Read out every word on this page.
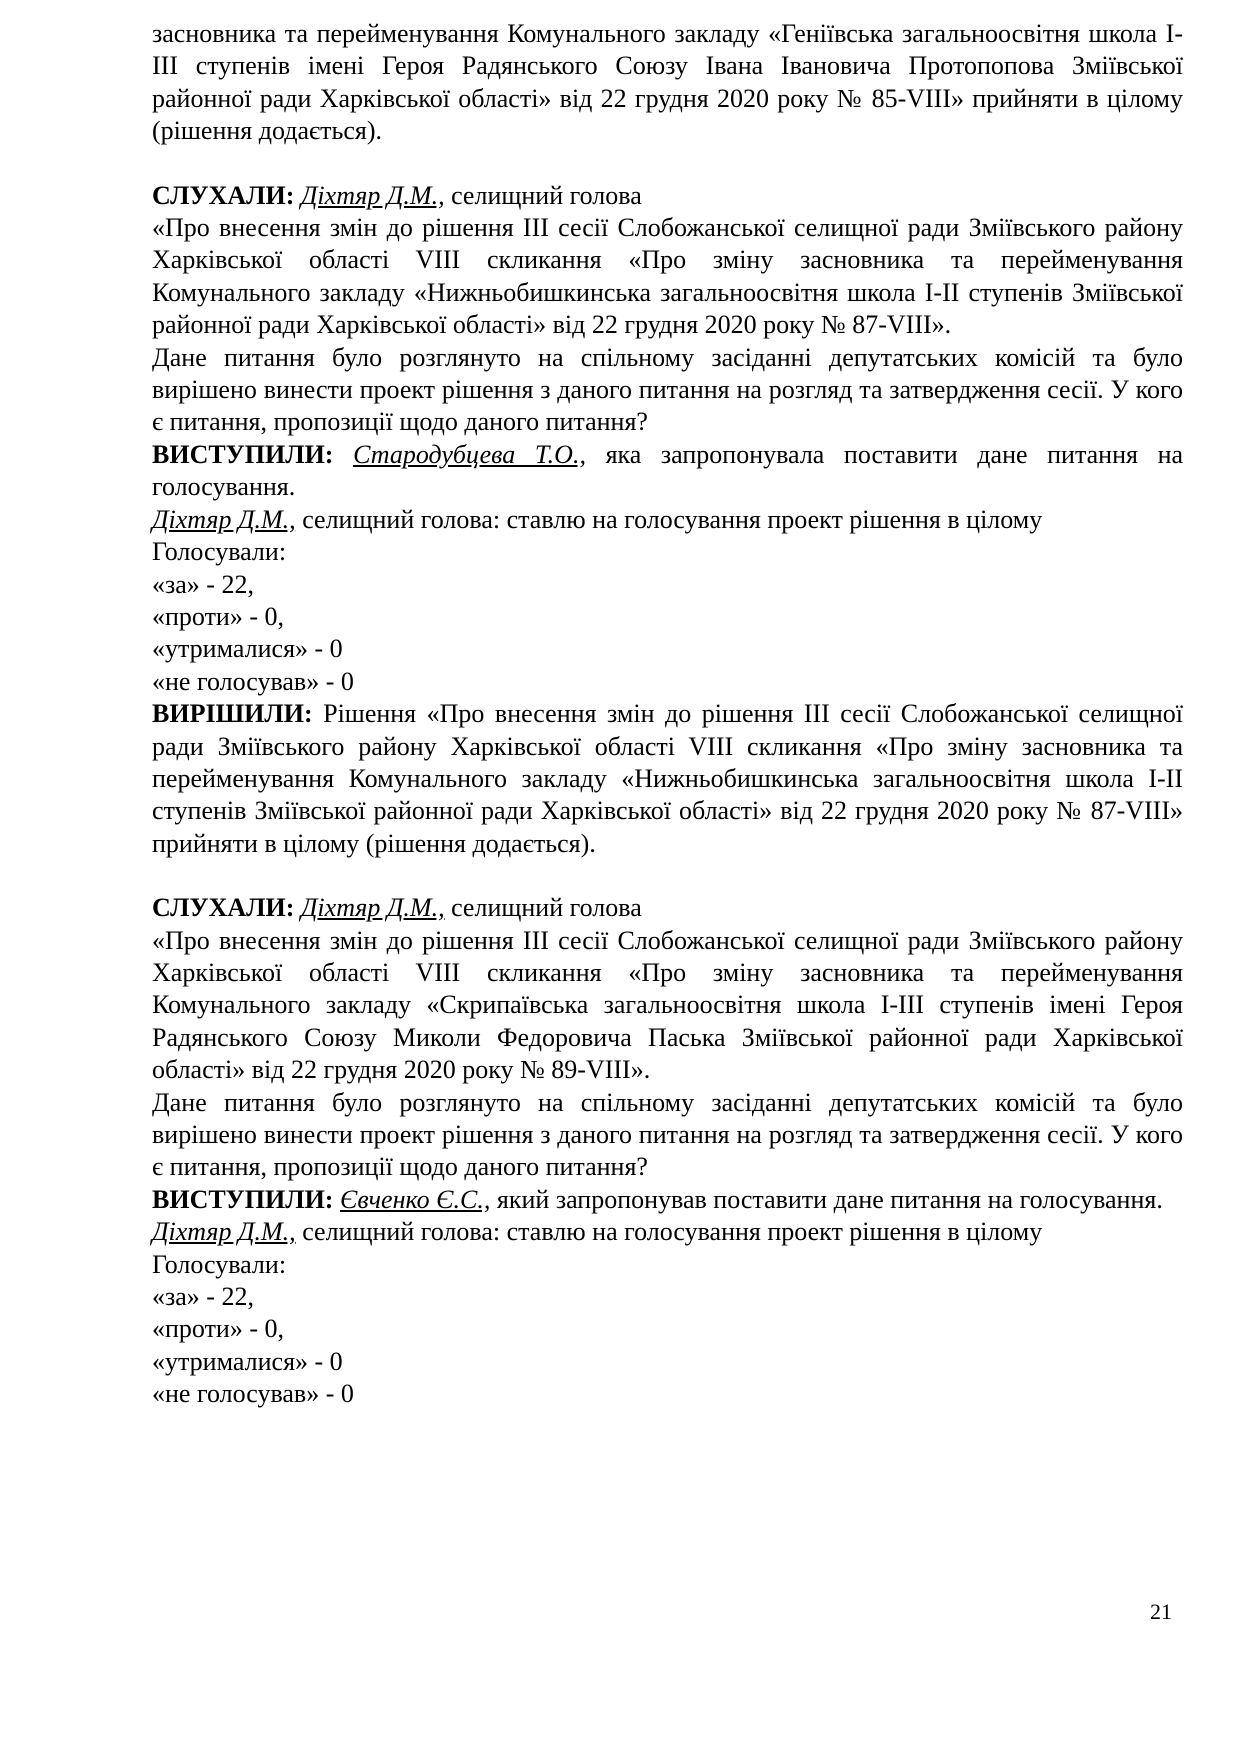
засновника та перейменування Комунального закладу «Генiївська загальноосвiтня школа І-ІІІ ступенiв iменi Героя Радянського Союзу Iвана Iвановича Протопопова Змiївської районної ради Харкiвської областi» вiд 22 грудня 2020 року № 85-VIII» прийняти в цiлому (рiшення додається).

СЛУХАЛИ: Дiхтяр Д.М., селищний голова

«Про внесення змiн до рiшення III сесiї Слобожанської селищної ради Змiївського району Харкiвської областi VIII скликання «Про змiну засновника та перейменування Комунального закладу «Нижньобишкинська загальноосвiтня школа І-ІІ ступенiв Змiївської районної ради Харкiвської областi» вiд 22 грудня 2020 року № 87-VIII».

Дане питання було розглянуто на спiльному засiданнi депутатських комiсiй та було вирiшено винести проект рiшення з даного питання на розгляд та затвердження сесiї. У кого є питання, пропозицiї щодо даного питання?

ВИСТУПИЛИ: Стародубцева Т.О., яка запропонувала поставити дане питання на голосування.

Дiхтяр Д.М., селищний голова: ставлю на голосування проект рiшення в цiлому

Голосували:

«за» - 22,

«проти» - 0,

«утрималися» - 0

«не голосував» - 0

ВИРIШИЛИ: Рiшення «Про внесення змiн до рiшення III сесiї Слобожанської селищної ради Змiївського району Харкiвської областi VIII скликання «Про змiну засновника та перейменування Комунального закладу «Нижньобишкинська загальноосвiтня школа І-ІІ ступенiв Змiївської районної ради Харкiвської областi» вiд 22 грудня 2020 року № 87-VIII» прийняти в цiлому (рiшення додається).

СЛУХАЛИ: Дiхтяр Д.М., селищний голова

«Про внесення змiн до рiшення III сесiї Слобожанської селищної ради Змiївського району Харкiвської областi VIII скликання «Про змiну засновника та перейменування Комунального закладу «Скрипаївська загальноосвiтня школа І-ІІІ ступенiв iменi Героя Радянського Союзу Миколи Федоровича Паська Змiївської районної ради Харкiвської областi» вiд 22 грудня 2020 року № 89-VIII».

Дане питання було розглянуто на спiльному засiданнi депутатських комiсiй та було вирiшено винести проект рiшення з даного питання на розгляд та затвердження сесiї. У кого є питання, пропозицiї щодо даного питання?

ВИСТУПИЛИ: Євченко Є.С., який запропонував поставити дане питання на голосування.

Дiхтяр Д.М., селищний голова: ставлю на голосування проект рiшення в цiлому

Голосували:

«за» - 22,

«проти» - 0,

«утрималися» - 0

«не голосував» - 0

21
